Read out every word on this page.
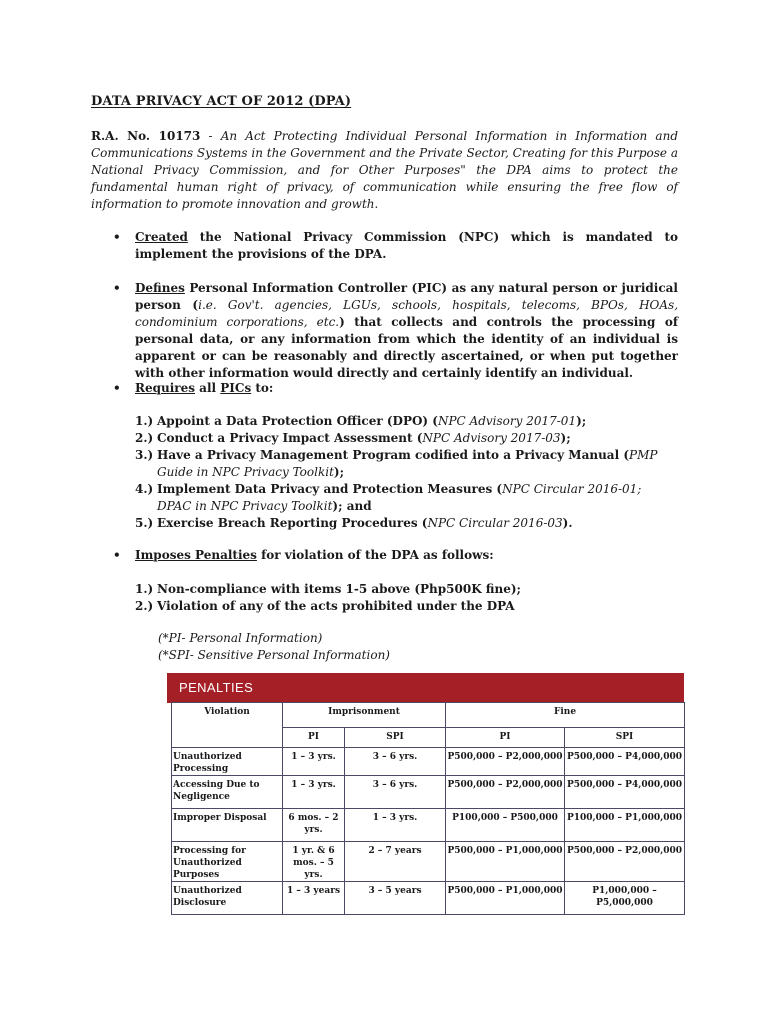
DATA PRIVACY ACT OF 2012 (DPA)

R.A. No. 10173 - An Act Protecting Individual Personal Information in Information and Communications Systems in the Government and the Private Sector, Creating for this Purpose a National Privacy Commission, and for Other Purposes" the DPA aims to protect the fundamental human right of privacy, of communication while ensuring the free flow of information to promote innovation and growth.

• Created the National Privacy Commission (NPC) which is mandated to implement the provisions of the DPA.
• Defines Personal Information Controller (PIC) as any natural person or juridical person (i.e. Gov't. agencies, LGUs, schools, hospitals, telecoms, BPOs, HOAs, condominium corporations, etc.) that collects and controls the processing of personal data, or any information from which the identity of an individual is apparent or can be reasonably and directly ascertained, or when put together with other information would directly and certainly identify an individual.
• Requires all PICs to:
1.) Appoint a Data Protection Officer (DPO) (NPC Advisory 2017-01);
2.) Conduct a Privacy Impact Assessment (NPC Advisory 2017-03);
3.) Have a Privacy Management Program codified into a Privacy Manual (PMP Guide in NPC Privacy Toolkit);
4.) Implement Data Privacy and Protection Measures (NPC Circular 2016-01; DPAC in NPC Privacy Toolkit); and
5.) Exercise Breach Reporting Procedures (NPC Circular 2016-03).
• Imposes Penalties for violation of the DPA as follows:
1.) Non-compliance with items 1-5 above (Php500K fine);
2.) Violation of any of the acts prohibited under the DPA
(*PI- Personal Information)
(*SPI- Sensitive Personal Information)
PENALTIES
Violation	Imprisonment		Fine	
	PI	SPI	PI	SPI
Unauthorized Processing	1 – 3 yrs.	3 – 6 yrs.	P500,000 – P2,000,000	P500,000 – P4,000,000
Accessing Due to Negligence	1 – 3 yrs.	3 – 6 yrs.	P500,000 – P2,000,000	P500,000 – P4,000,000
Improper Disposal	6 mos. – 2 yrs.	1 – 3 yrs.	P100,000 – P500,000	P100,000 – P1,000,000
Processing for Unauthorized Purposes	1 yr. & 6 mos. – 5 yrs.	2 – 7 years	P500,000 – P1,000,000	P500,000 – P2,000,000
Unauthorized Disclosure	1 – 3 years	3 – 5 years	P500,000 – P1,000,000	P1,000,000 – P5,000,000
